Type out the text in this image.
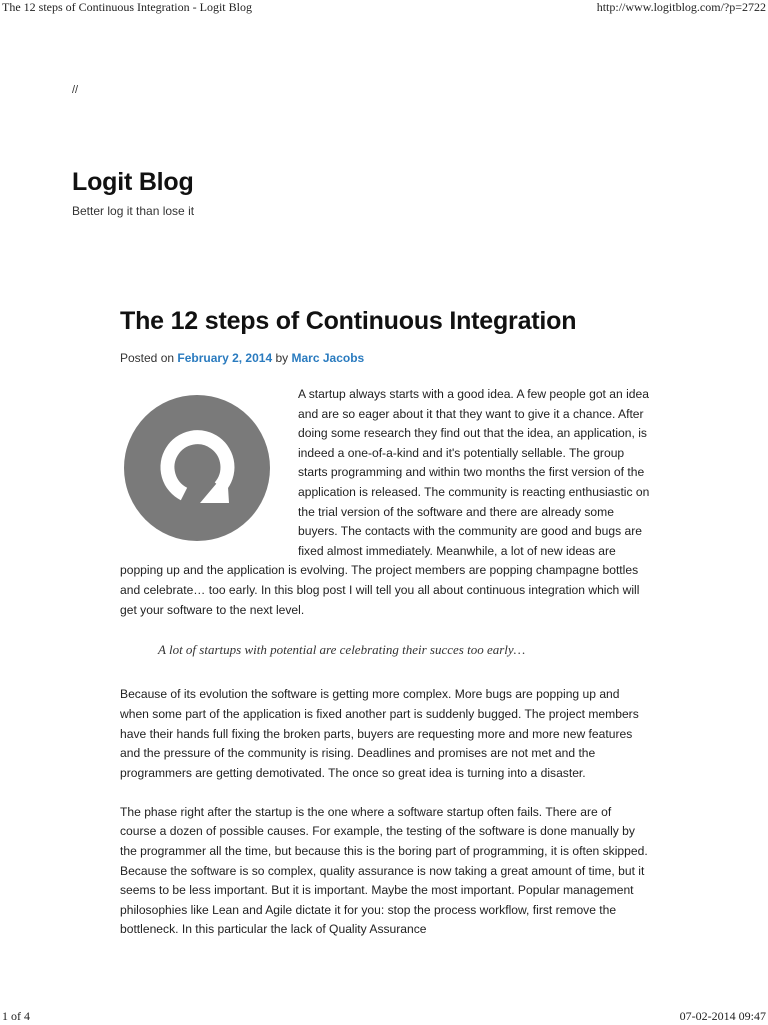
The 12 steps of Continuous Integration - Logit Blog	http://www.logitblog.com/?p=2722
//
Logit Blog
Better log it than lose it
The 12 steps of Continuous Integration
Posted on February 2, 2014 by Marc Jacobs

A startup always starts with a good idea. A few people got an idea and are so eager about it that they want to give it a chance. After doing some research they find out that the idea, an application, is indeed a one-of-a-kind and it's potentially sellable. The group starts programming and within two months the first version of the application is released. The community is reacting enthusiastic on the trial version of the software and there are already some buyers. The contacts with the community are good and bugs are fixed almost immediately. Meanwhile, a lot of new ideas are popping up and the application is evolving. The project members are popping champagne bottles and celebrate… too early. In this blog post I will tell you all about continuous integration which will get your software to the next level.

A lot of startups with potential are celebrating their succes too early…

Because of its evolution the software is getting more complex. More bugs are popping up and when some part of the application is fixed another part is suddenly bugged. The project members have their hands full fixing the broken parts, buyers are requesting more and more new features and the pressure of the community is rising. Deadlines and promises are not met and the programmers are getting demotivated. The once so great idea is turning into a disaster.

The phase right after the startup is the one where a software startup often fails. There are of course a dozen of possible causes. For example, the testing of the software is done manually by the programmer all the time, but because this is the boring part of programming, it is often skipped. Because the software is so complex, quality assurance is now taking a great amount of time, but it seems to be less important. But it is important. Maybe the most important. Popular management philosophies like Lean and Agile dictate it for you: stop the process workflow, first remove the bottleneck. In this particular the lack of Quality Assurance

1 of 4	07-02-2014 09:47
